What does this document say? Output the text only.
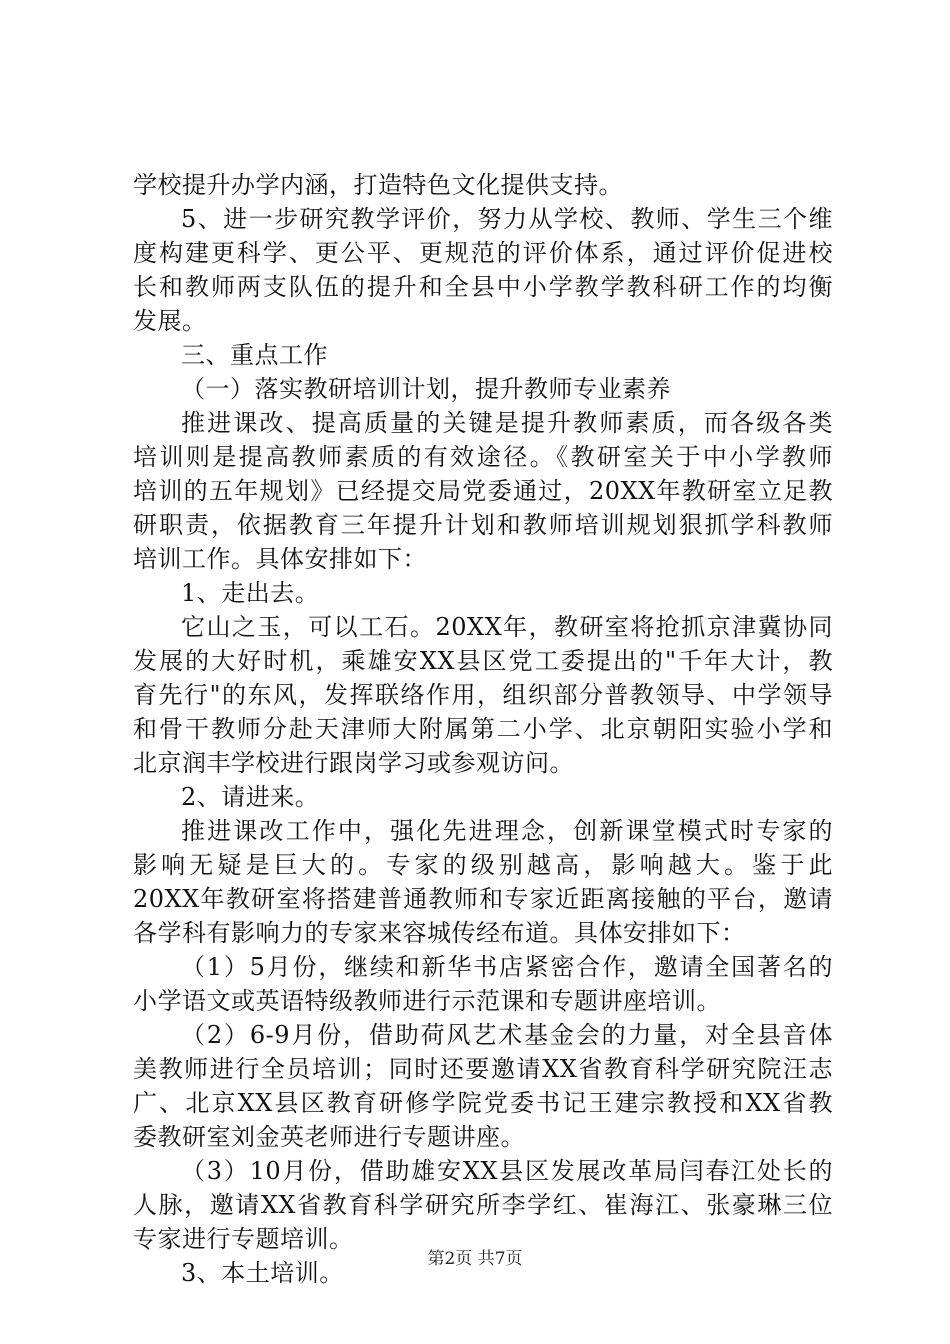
学校提升办学内涵，打造特色文化提供支持。
5、进一步研究教学评价，努力从学校、教师、学生三个维
度构建更科学、更公平、更规范的评价体系，通过评价促进校
长和教师两支队伍的提升和全县中小学教学教科研工作的均衡
发展。
三、重点工作
（一）落实教研培训计划，提升教师专业素养
推进课改、提高质量的关键是提升教师素质，而各级各类
培训则是提高教师素质的有效途径。《教研室关于中小学教师
培训的五年规划》已经提交局党委通过，20XX年教研室立足教
研职责，依据教育三年提升计划和教师培训规划狠抓学科教师
培训工作。具体安排如下：
1、走出去。
它山之玉，可以工石。20XX年，教研室将抢抓京津冀协同
发展的大好时机，乘雄安XX县区党工委提出的"千年大计，教
育先行"的东风，发挥联络作用，组织部分普教领导、中学领导
和骨干教师分赴天津师大附属第二小学、北京朝阳实验小学和
北京润丰学校进行跟岗学习或参观访问。
2、请进来。
推进课改工作中，强化先进理念，创新课堂模式时专家的
影响无疑是巨大的。专家的级别越高，影响越大。鉴于此
20XX年教研室将搭建普通教师和专家近距离接触的平台，邀请
各学科有影响力的专家来容城传经布道。具体安排如下：
（1）5月份，继续和新华书店紧密合作，邀请全国著名的
小学语文或英语特级教师进行示范课和专题讲座培训。
（2）6-9月份，借助荷风艺术基金会的力量，对全县音体
美教师进行全员培训；同时还要邀请XX省教育科学研究院汪志
广、北京XX县区教育研修学院党委书记王建宗教授和XX省教
委教研室刘金英老师进行专题讲座。
（3）10月份，借助雄安XX县区发展改革局闫春江处长的
人脉，邀请XX省教育科学研究所李学红、崔海江、张豪琳三位
专家进行专题培训。
3、本土培训。	第2页 共7页
